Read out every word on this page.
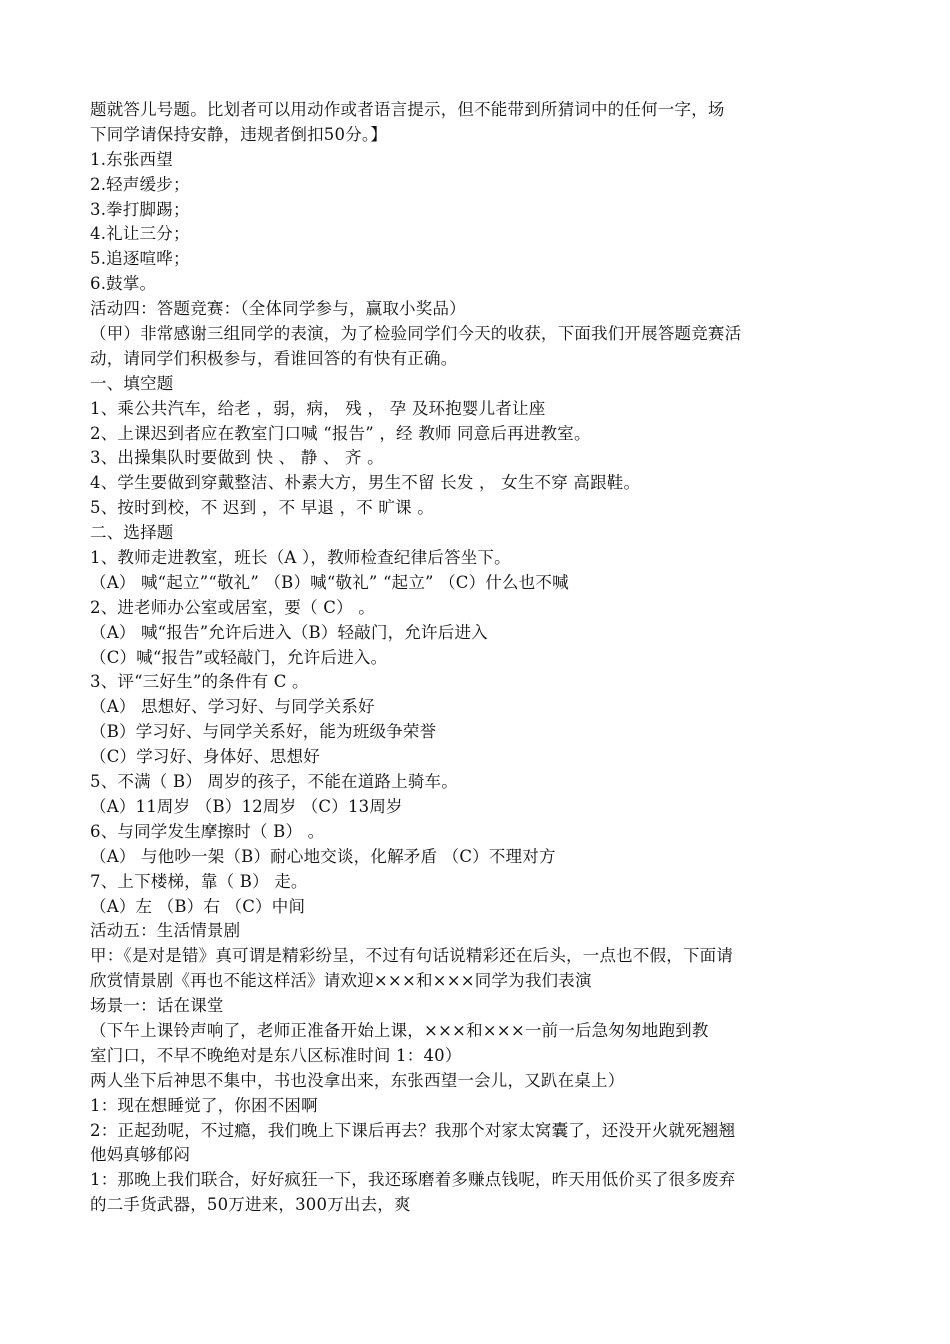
题就答儿号题。比划者可以用动作或者语言提示，但不能带到所猜词中的任何一字，场
下同学请保持安静，违规者倒扣50分。】
1.东张西望
2.轻声缓步；
3.拳打脚踢；
4.礼让三分；
5.追逐喧哗；
6.鼓掌。
活动四：答题竞赛：（全体同学参与，赢取小奖品）
（甲）非常感谢三组同学的表演，为了检验同学们今天的收获，下面我们开展答题竞赛活
动，请同学们积极参与，看谁回答的有快有正确。
一、填空题
1、乘公共汽车，给老 ，弱，病， 残 ， 孕 及环抱婴儿者让座
2、上课迟到者应在教室门口喊 “报告” ，经 教师 同意后再进教室。
3、出操集队时要做到 快 、 静 、 齐 。
4、学生要做到穿戴整洁、朴素大方，男生不留 长发 ， 女生不穿 高跟鞋。
5、按时到校，不 迟到 ，不 早退 ，不 旷课 。
二、选择题
1、教师走进教室，班长（A ），教师检查纪律后答坐下。
（A） 喊“起立”“敬礼” （B）喊“敬礼” “起立” （C）什么也不喊
2、进老师办公室或居室，要（ C） 。
（A） 喊“报告”允许后进入（B）轻敲门，允许后进入
（C）喊“报告”或轻敲门，允许后进入。
3、评“三好生”的条件有 C 。
（A） 思想好、学习好、与同学关系好
（B）学习好、与同学关系好，能为班级争荣誉
（C）学习好、身体好、思想好
5、不满（ B） 周岁的孩子，不能在道路上骑车。
（A）11周岁 （B）12周岁 （C）13周岁
6、与同学发生摩擦时（ B） 。
（A） 与他吵一架（B）耐心地交谈，化解矛盾 （C）不理对方
7、上下楼梯，靠（ B） 走。
（A）左 （B）右 （C）中间
活动五：生活情景剧
甲：《是对是错》真可谓是精彩纷呈，不过有句话说精彩还在后头，一点也不假，下面请
欣赏情景剧《再也不能这样活》请欢迎×××和×××同学为我们表演
场景一：话在课堂
（下午上课铃声响了，老师正准备开始上课，×××和×××一前一后急匆匆地跑到教
室门口，不早不晚绝对是东八区标准时间 1：40）
两人坐下后神思不集中，书也没拿出来，东张西望一会儿，又趴在桌上）
1：现在想睡觉了，你困不困啊
2：正起劲呢，不过瘾，我们晚上下课后再去？我那个对家太窝囊了，还没开火就死翘翘
他妈真够郁闷
1：那晚上我们联合，好好疯狂一下，我还琢磨着多赚点钱呢，昨天用低价买了很多废弃
的二手货武器，50万进来，300万出去，爽
